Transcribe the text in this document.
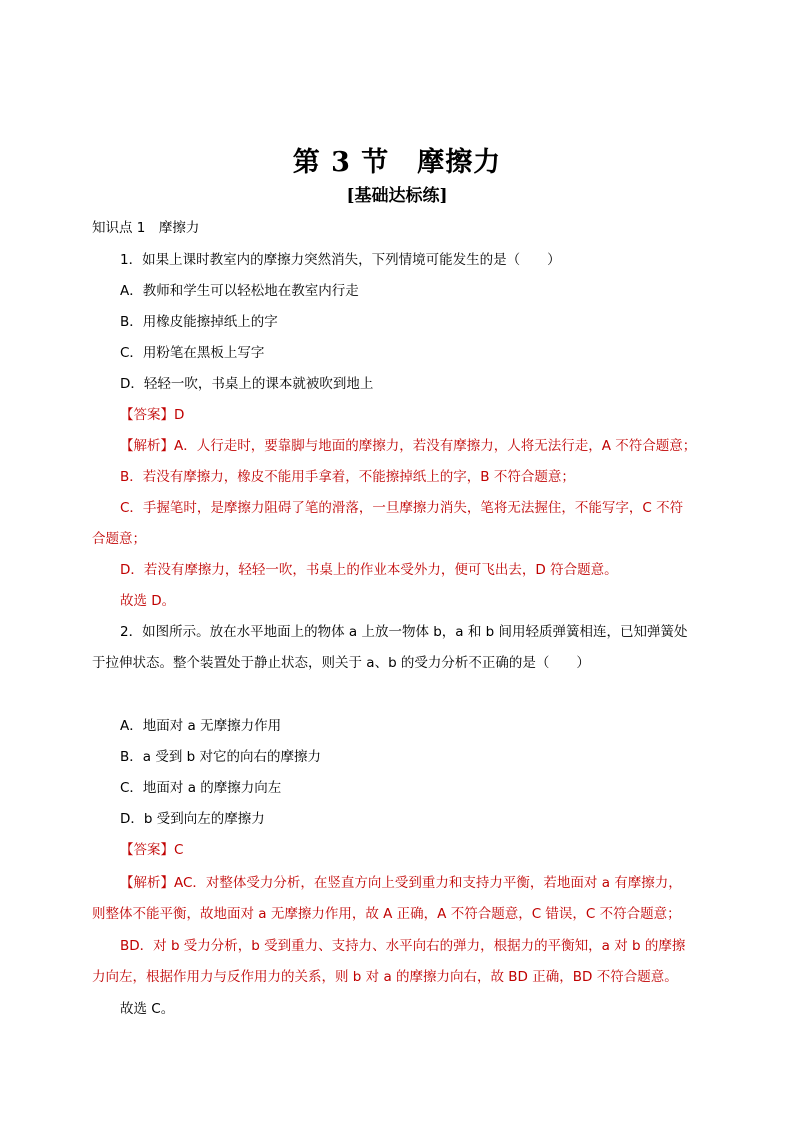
第 3 节　摩擦力
[基础达标练]
知识点 1　摩擦力
1．如果上课时教室内的摩擦力突然消失，下列情境可能发生的是（　　）
A．教师和学生可以轻松地在教室内行走
B．用橡皮能擦掉纸上的字
C．用粉笔在黑板上写字
D．轻轻一吹，书桌上的课本就被吹到地上
【答案】D
【解析】A．人行走时，要靠脚与地面的摩擦力，若没有摩擦力，人将无法行走，A 不符合题意；
B．若没有摩擦力，橡皮不能用手拿着，不能擦掉纸上的字，B 不符合题意；
C．手握笔时，是摩擦力阻碍了笔的滑落，一旦摩擦力消失，笔将无法握住，不能写字，C 不符
合题意；
D．若没有摩擦力，轻轻一吹，书桌上的作业本受外力，便可飞出去，D 符合题意。
故选 D。
2．如图所示。放在水平地面上的物体 a 上放一物体 b，a 和 b 间用轻质弹簧相连，已知弹簧处
于拉伸状态。整个装置处于静止状态，则关于 a、b 的受力分析不正确的是（　　）
A．地面对 a 无摩擦力作用
B．a 受到 b 对它的向右的摩擦力
C．地面对 a 的摩擦力向左
D．b 受到向左的摩擦力
【答案】C
【解析】AC．对整体受力分析，在竖直方向上受到重力和支持力平衡，若地面对 a 有摩擦力，
则整体不能平衡，故地面对 a 无摩擦力作用，故 A 正确，A 不符合题意，C 错误，C 不符合题意；
BD．对 b 受力分析，b 受到重力、支持力、水平向右的弹力，根据力的平衡知，a 对 b 的摩擦
力向左，根据作用力与反作用力的关系，则 b 对 a 的摩擦力向右，故 BD 正确，BD 不符合题意。
故选 C。
